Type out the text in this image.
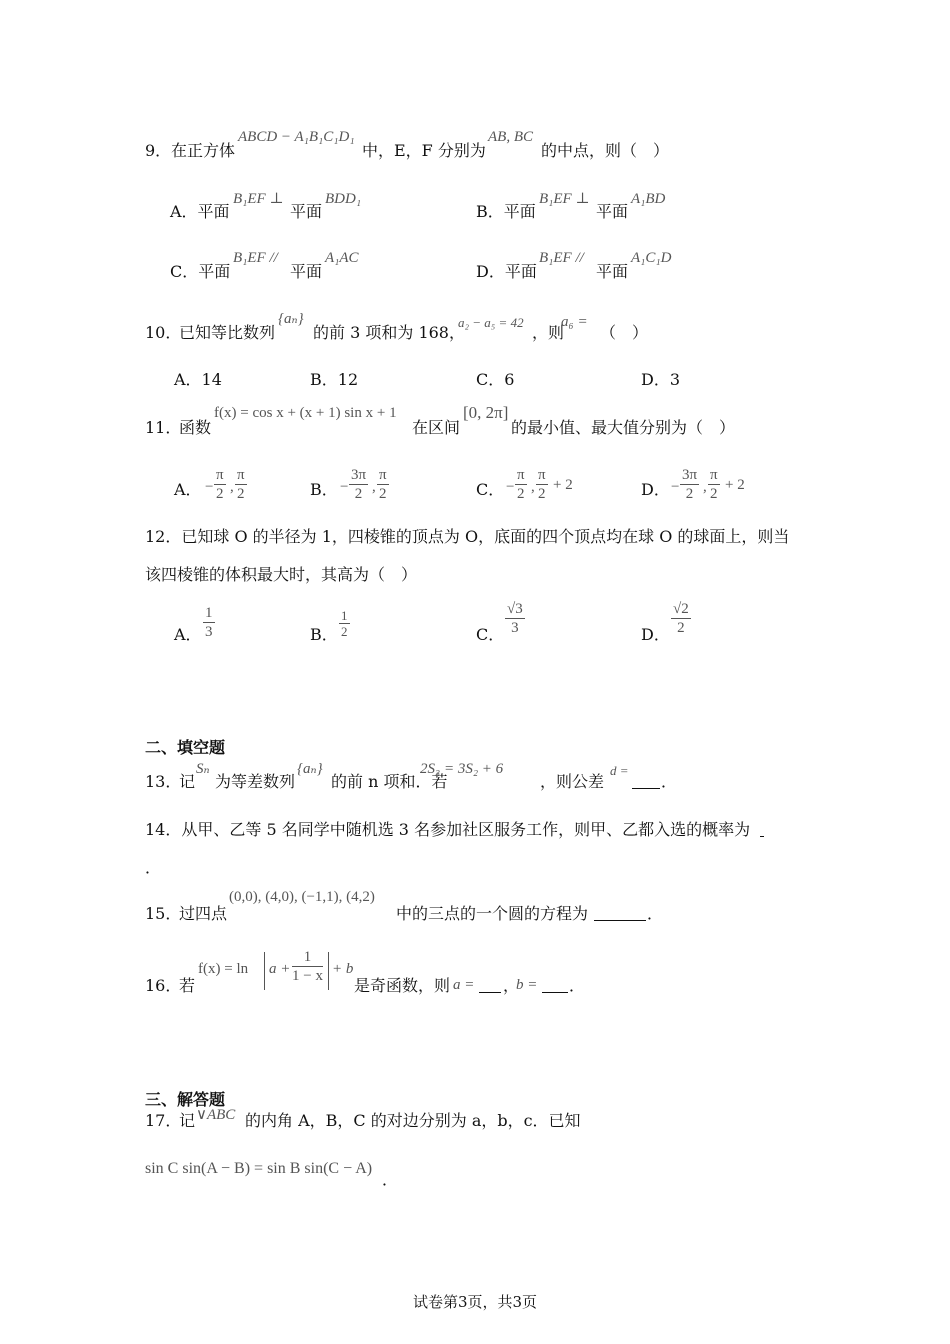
9． 在正方体
ABCD − A₁B₁C₁D₁
中，E，F 分别为
AB, BC
的中点，则（　）
A．平面
B₁EF ⊥
平面
BDD₁
B．平面
B₁EF ⊥
平面
A₁BD
C．平面
B₁EF //
平面
A₁AC
D．平面
B₁EF //
平面
A₁C₁D
10．
已知等比数列
{aₙ}
的前 3 项和为 168，
a₂ − a₅ = 42
，则
a₆ =
（　）
A．14	B．12	C．6	D．3
11．
函数
f(x) = cos x + (x + 1) sin x + 1
在区间
[0, 2π]
的最小值、最大值分别为（　）
A． − $\frac{\pi}{2}$ , $\frac{\pi}{2}$	B． − $\frac{3\pi}{2}$ , $\frac{\pi}{2}$	C． − $\frac{\pi}{2}$ , $\frac{\pi}{2} + 2$	D． − $\frac{3\pi}{2}$ , $\frac{\pi}{2} + 2$
12．已知球 O 的半径为 1，四棱锥的顶点为 O，底面的四个顶点均在球 O 的球面上，则当
该四棱锥的体积最大时，其高为（　）
A． $\frac{1}{3}$	B． $\frac{1}{2}$	C． $\frac{√3}{3}$	D． $\frac{√2}{2}$
二、填空题
13．
记
Sₙ
为等差数列
{aₙ}
的前 n 项和．若
2S₃ = 3S₂ + 6
，则公差
d =
．
14．从甲、乙等 5 名同学中随机选 3 名参加社区服务工作，则甲、乙都入选的概率为
．
15．
过四点
(0,0), (4,0), (−1,1), (4,2)
中的三点的一个圆的方程为	．
16．
若
$f(x) = \ln a + \frac{1}{1 - x} + b$
是奇函数，则 a = ，
b = ．
三、解答题
17．
记 ∨ABC 的内角 A，B，C 的对边分别为 a，b，c．已知
sin C sin(A − B) = sin B sin(C − A)
．
试卷第3页，共3页
